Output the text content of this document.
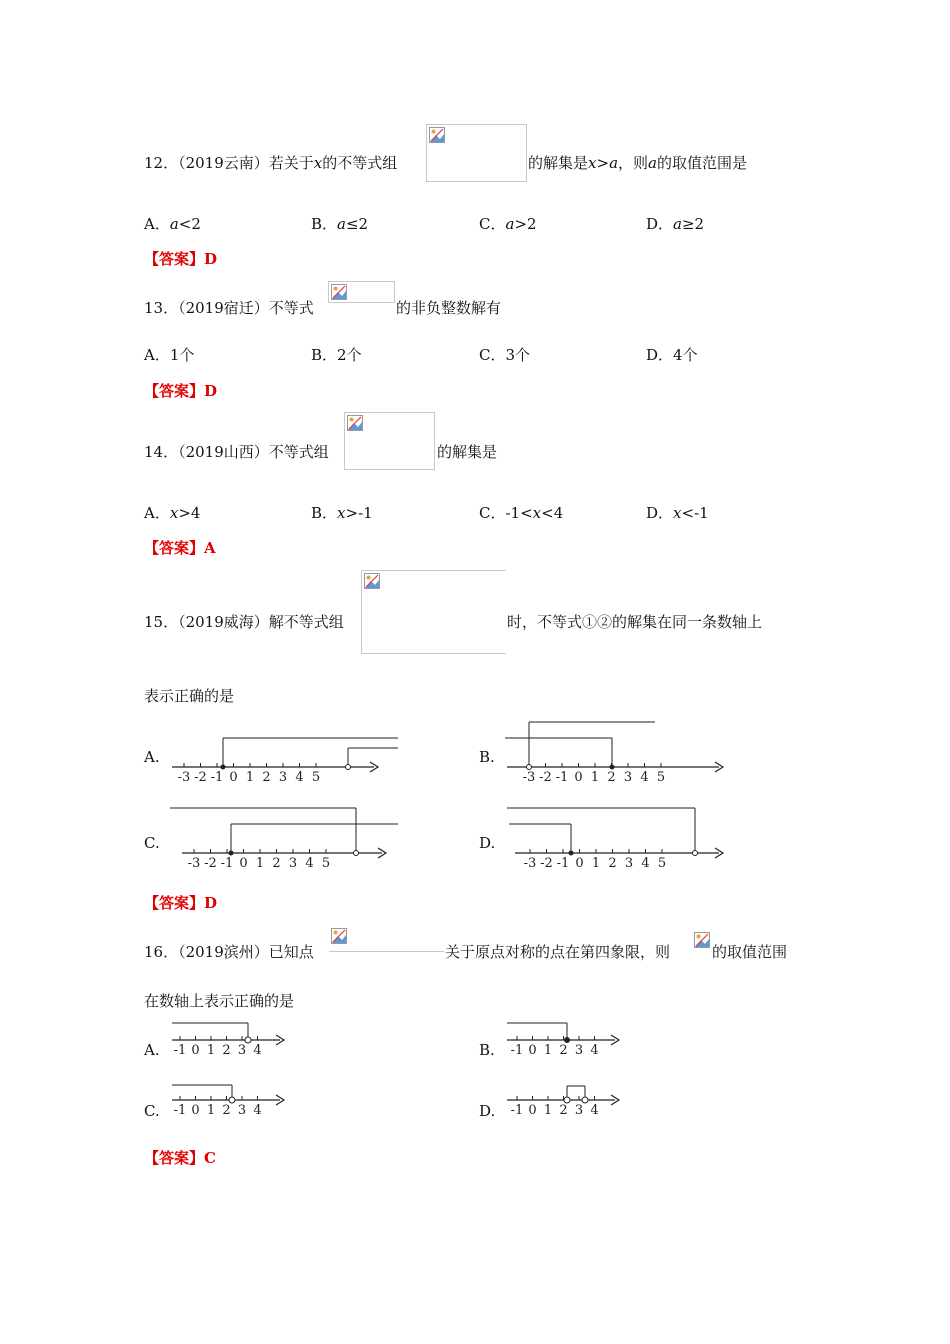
12．（2019云南）若关于x的不等式组	的解集是x>a，则a的取值范围是
A．a<2	B．a≤2	C．a>2	D．a≥2
【答案】D
13．（2019宿迁）不等式	的非负整数解有
A．1个	B．2个	C．3个	D．4个
【答案】D
14．（2019山西）不等式组	的解集是
A．x>4	B．x>-1	C．-1<x<4	D．x<-1
【答案】A
15．（2019威海）解不等式组	时，不等式①②的解集在同一条数轴上
表示正确的是
A.
-3 -2 -1 0 1 2 3 4 5
B.
-3 -2 -1 0 1 2 3 4 5
C.
-3 -2 -1 0 1 2 3 4 5
D.
-3 -2 -1 0 1 2 3 4 5
【答案】D
16．（2019滨州）已知点	关于原点对称的点在第四象限，则	的取值范围
在数轴上表示正确的是
A. -1 0 1 2 3 4	B. -1 0 1 2 3 4
C. -1 0 1 2 3 4	D. -1 0 1 2 3 4
【答案】C
